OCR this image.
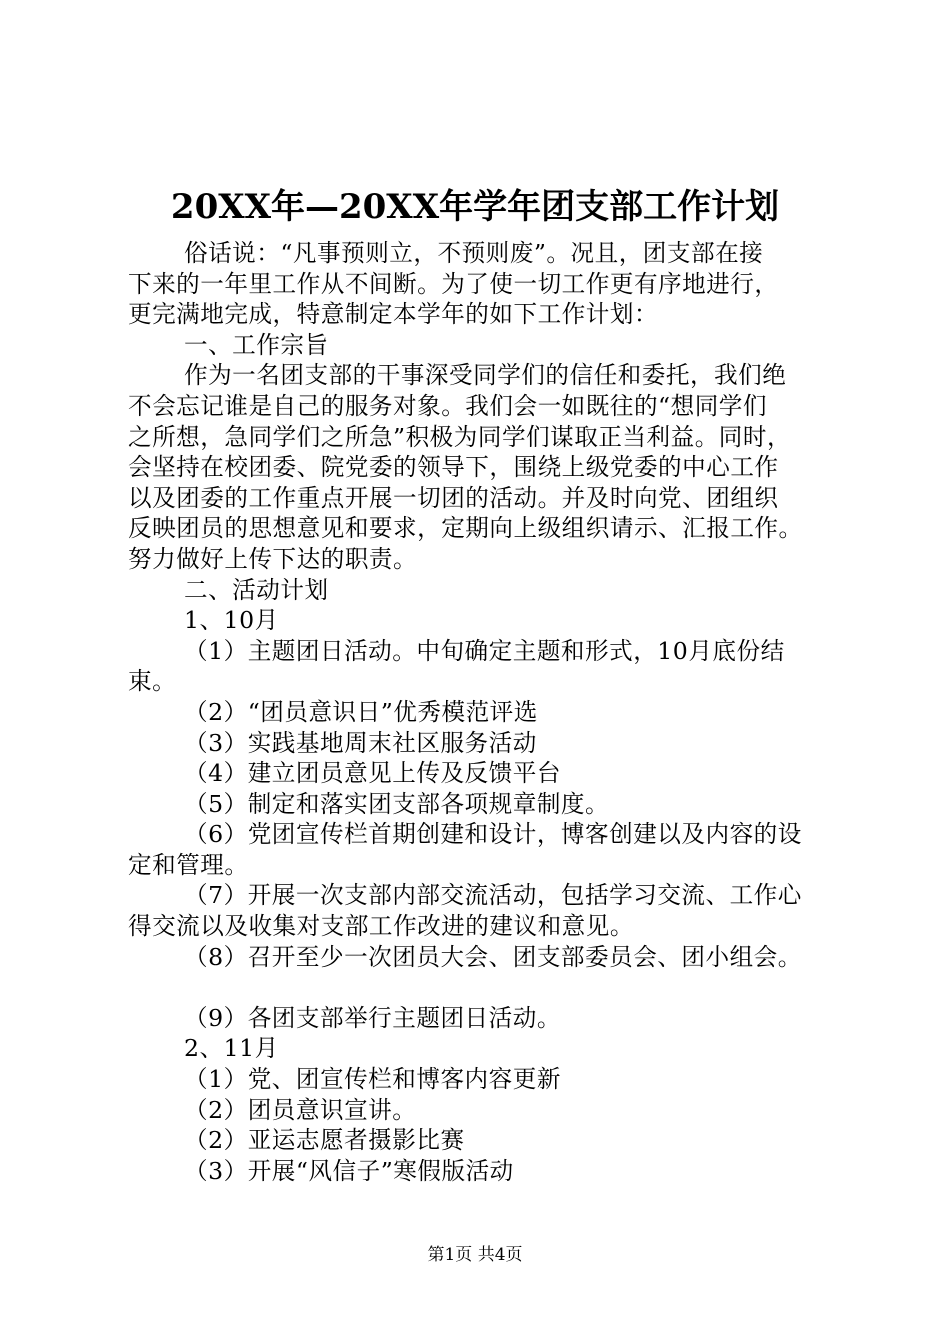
20XX年—20XX年学年团支部工作计划
俗话说：“凡事预则立，不预则废”。况且，团支部在接
下来的一年里工作从不间断。为了使一切工作更有序地进行，
更完满地完成，特意制定本学年的如下工作计划：
一、工作宗旨
作为一名团支部的干事深受同学们的信任和委托，我们绝
不会忘记谁是自己的服务对象。我们会一如既往的“想同学们
之所想，急同学们之所急”积极为同学们谋取正当利益。同时，
会坚持在校团委、院党委的领导下，围绕上级党委的中心工作
以及团委的工作重点开展一切团的活动。并及时向党、团组织
反映团员的思想意见和要求，定期向上级组织请示、汇报工作。
努力做好上传下达的职责。
二、活动计划
1、10月
（1）主题团日活动。中旬确定主题和形式，10月底份结
束。
（2）“团员意识日”优秀模范评选
（3）实践基地周末社区服务活动
（4）建立团员意见上传及反馈平台
（5）制定和落实团支部各项规章制度。
（6）党团宣传栏首期创建和设计，博客创建以及内容的设
定和管理。
（7）开展一次支部内部交流活动，包括学习交流、工作心
得交流以及收集对支部工作改进的建议和意见。
（8）召开至少一次团员大会、团支部委员会、团小组会。
（9）各团支部举行主题团日活动。
2、11月
（1）党、团宣传栏和博客内容更新
（2）团员意识宣讲。
（2）亚运志愿者摄影比赛
（3）开展“风信子”寒假版活动
第1页 共4页
